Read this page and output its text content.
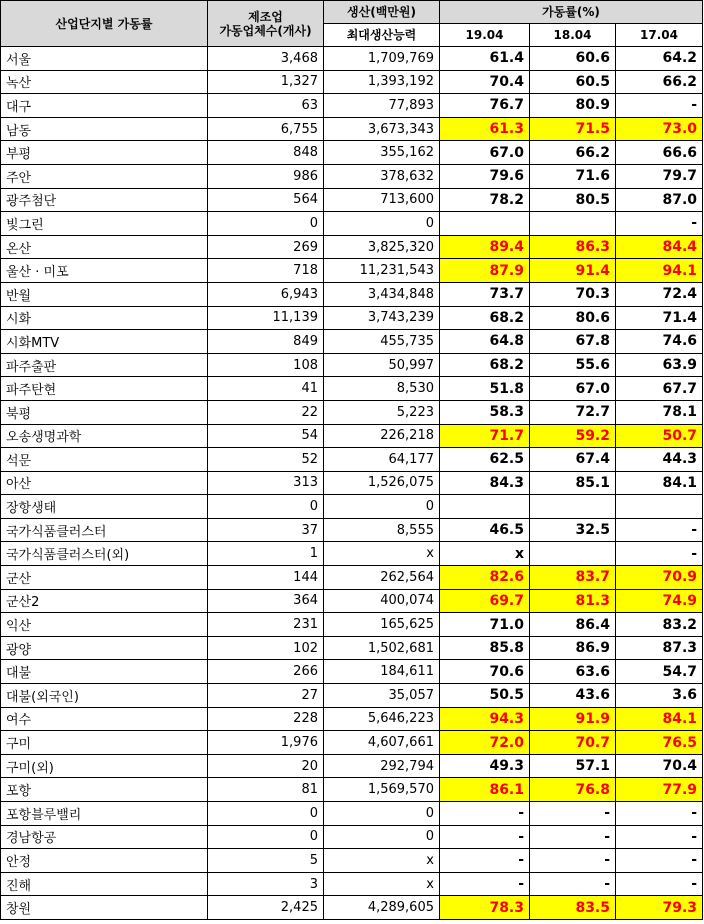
산업단지별 가동률	제조업
가동업체수(개사)	생산(백만원)	가동률(%)		
		최대생산능력	19.04	18.04	17.04
서울	3,468	1,709,769	61.4	60.6	64.2
녹산	1,327	1,393,192	70.4	60.5	66.2
대구	63	77,893	76.7	80.9	-
남동	6,755	3,673,343	61.3	71.5	73.0
부평	848	355,162	67.0	66.2	66.6
주안	986	378,632	79.6	71.6	79.7
광주첨단	564	713,600	78.2	80.5	87.0
빛그린	0	0			-
온산	269	3,825,320	89.4	86.3	84.4
울산 · 미포	718	11,231,543	87.9	91.4	94.1
반월	6,943	3,434,848	73.7	70.3	72.4
시화	11,139	3,743,239	68.2	80.6	71.4
시화MTV	849	455,735	64.8	67.8	74.6
파주출판	108	50,997	68.2	55.6	63.9
파주탄현	41	8,530	51.8	67.0	67.7
북평	22	5,223	58.3	72.7	78.1
오송생명과학	54	226,218	71.7	59.2	50.7
석문	52	64,177	62.5	67.4	44.3
아산	313	1,526,075	84.3	85.1	84.1
장항생태	0	0			
국가식품클러스터	37	8,555	46.5	32.5	-
국가식품클러스터(외)	1	x	x		-
군산	144	262,564	82.6	83.7	70.9
군산2	364	400,074	69.7	81.3	74.9
익산	231	165,625	71.0	86.4	83.2
광양	102	1,502,681	85.8	86.9	87.3
대불	266	184,611	70.6	63.6	54.7
대불(외국인)	27	35,057	50.5	43.6	3.6
여수	228	5,646,223	94.3	91.9	84.1
구미	1,976	4,607,661	72.0	70.7	76.5
구미(외)	20	292,794	49.3	57.1	70.4
포항	81	1,569,570	86.1	76.8	77.9
포항블루밸리	0	0	-	-	-
경남항공	0	0	-	-	-
안정	5	x	-	-	-
진해	3	x	-	-	-
창원	2,425	4,289,605	78.3	83.5	79.3
